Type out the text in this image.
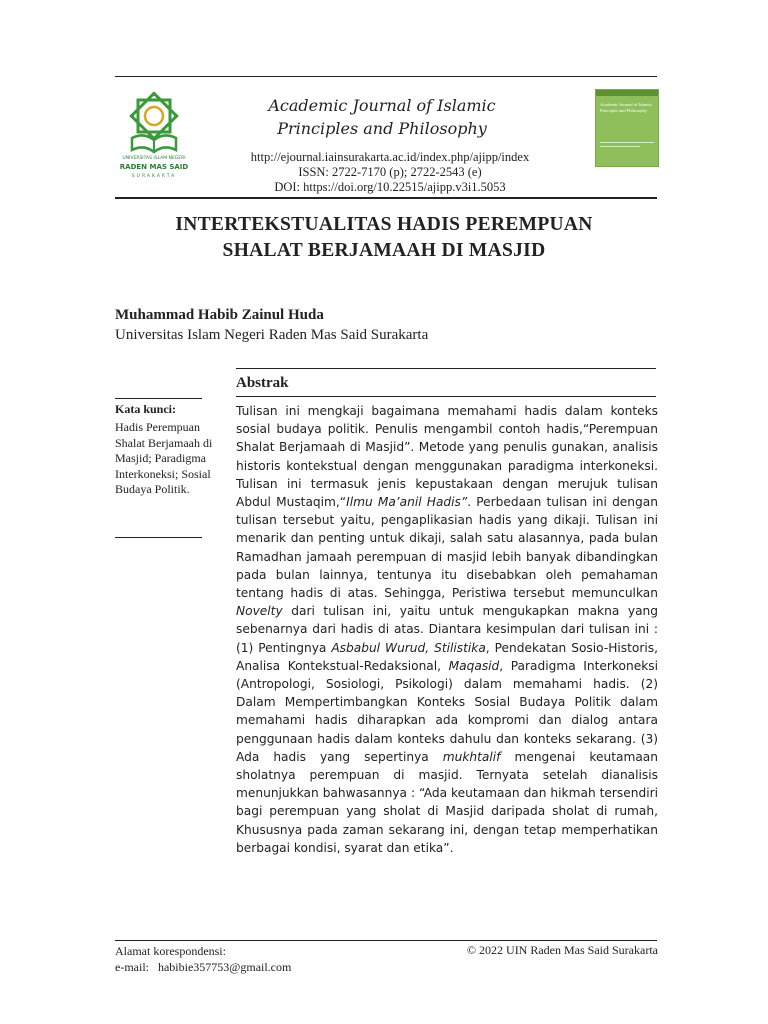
UNIVERSITAS ISLAM NEGERI
RADEN MAS SAID
SURAKARTA
Academic Journal of Islamic
Principles and Philosophy
http://ejournal.iainsurakarta.ac.id/index.php/ajipp/index
ISSN: 2722-7170 (p); 2722-2543 (e)
DOI: https://doi.org/10.22515/ajipp.v3i1.5053
Academic Journal of Islamic Principles and Philosophy
INTERTEKSTUALITAS HADIS PEREMPUAN
SHALAT BERJAMAAH DI MASJID
Muhammad Habib Zainul Huda
Universitas Islam Negeri Raden Mas Said Surakarta
Abstrak
Kata kunci:
Hadis Perempuan Shalat Berjamaah di Masjid; Paradigma Interkoneksi; Sosial Budaya Politik.

Tulisan ini mengkaji bagaimana memahami hadis dalam konteks sosial budaya politik. Penulis mengambil contoh hadis,“Perempuan Shalat Berjamaah di Masjid”. Metode yang penulis gunakan, analisis historis kontekstual dengan menggunakan paradigma interkoneksi. Tulisan ini termasuk jenis kepustakaan dengan merujuk tulisan Abdul Mustaqim,“Ilmu Ma’anil Hadis”. Perbedaan tulisan ini dengan tulisan tersebut yaitu, pengaplikasian hadis yang dikaji. Tulisan ini menarik dan penting untuk dikaji, salah satu alasannya, pada bulan Ramadhan jamaah perempuan di masjid lebih banyak dibandingkan pada bulan lainnya, tentunya itu disebabkan oleh pemahaman tentang hadis di atas. Sehingga, Peristiwa tersebut memunculkan Novelty dari tulisan ini, yaitu untuk mengukapkan makna yang sebenarnya dari hadis di atas. Diantara kesimpulan dari tulisan ini : (1) Pentingnya Asbabul Wurud, Stilistika, Pendekatan Sosio-Historis, Analisa Kontekstual-Redaksional, Maqasid, Paradigma Interkoneksi (Antropologi, Sosiologi, Psikologi) dalam memahami hadis. (2) Dalam Mempertimbangkan Konteks Sosial Budaya Politik dalam memahami hadis diharapkan ada kompromi dan dialog antara penggunaan hadis dalam konteks dahulu dan konteks sekarang. (3) Ada hadis yang sepertinya mukhtalif mengenai keutamaan sholatnya perempuan di masjid. Ternyata setelah dianalisis menunjukkan bahwasannya : “Ada keutamaan dan hikmah tersendiri bagi perempuan yang sholat di Masjid daripada sholat di rumah, Khususnya pada zaman sekarang ini, dengan tetap memperhatikan berbagai kondisi, syarat dan etika”.

Alamat korespondensi:
e-mail: habibie357753@gmail.com
© 2022 UIN Raden Mas Said Surakarta
